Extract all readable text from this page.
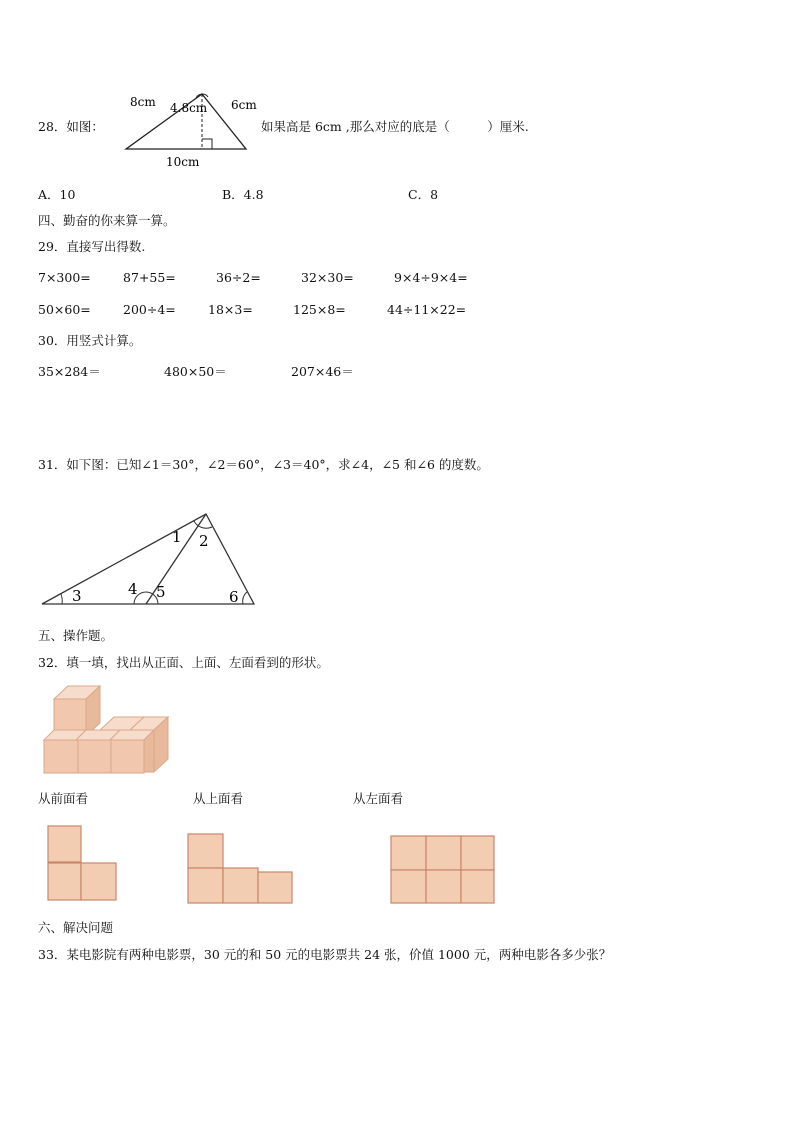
28．如图：
8cm 4.8cm 6cm
10cm
如果高是 6cm ,那么对应的底是（　　　）厘米.
A．10	B．4.8	C．8
四、勤奋的你来算一算。
29．直接写出得数.
7×300=	87+55=	36÷2=	32×30=	9×4÷9×4=
50×60=	200÷4=	18×3=	125×8=	44÷11×22=
30．用竖式计算。
35×284＝	480×50＝	207×46＝
31．如下图：已知∠1＝30°，∠2＝60°，∠3＝40°，求∠4，∠5 和∠6 的度数。
1 2
3	4 5	6
五、操作题。
32．填一填，找出从正面、上面、左面看到的形状。
从前面看	从上面看	从左面看
六、解决问题
33．某电影院有两种电影票，30 元的和 50 元的电影票共 24 张，价值 1000 元，两种电影各多少张？
